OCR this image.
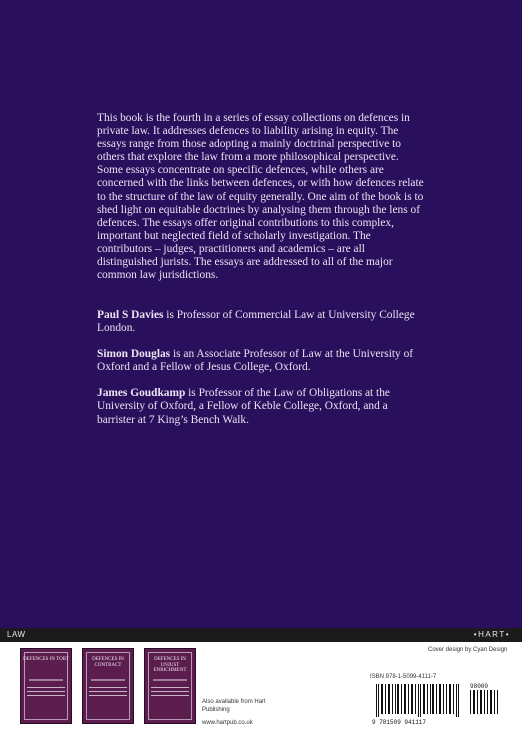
This book is the fourth in a series of essay collections on defences in private law. It addresses defences to liability arising in equity. The essays range from those adopting a mainly doctrinal perspective to others that explore the law from a more philosophical perspective. Some essays concentrate on specific defences, while others are concerned with the links between defences, or with how defences relate to the structure of the law of equity generally. One aim of the book is to shed light on equitable doctrines by analysing them through the lens of defences. The essays offer original contributions to this complex, important but neglected field of scholarly investigation. The contributors – judges, practitioners and academics – are all distinguished jurists. The essays are addressed to all of the major common law jurisdictions.

Paul S Davies is Professor of Commercial Law at University College London.

Simon Douglas is an Associate Professor of Law at the University of Oxford and a Fellow of Jesus College, Oxford.

James Goudkamp is Professor of the Law of Obligations at the University of Oxford, a Fellow of Keble College, Oxford, and a barrister at 7 King’s Bench Walk.

LAW	•HART•
DEFENCES IN TORT	DEFENCES IN CONTRACT
DEFENCES IN UNJUST ENRICHMENT
Also available from Hart Publishing
www.hartpub.co.uk
Cover design by Cyan Design
ISBN 978-1-5099-4111-7
9 781509 941117
98000
